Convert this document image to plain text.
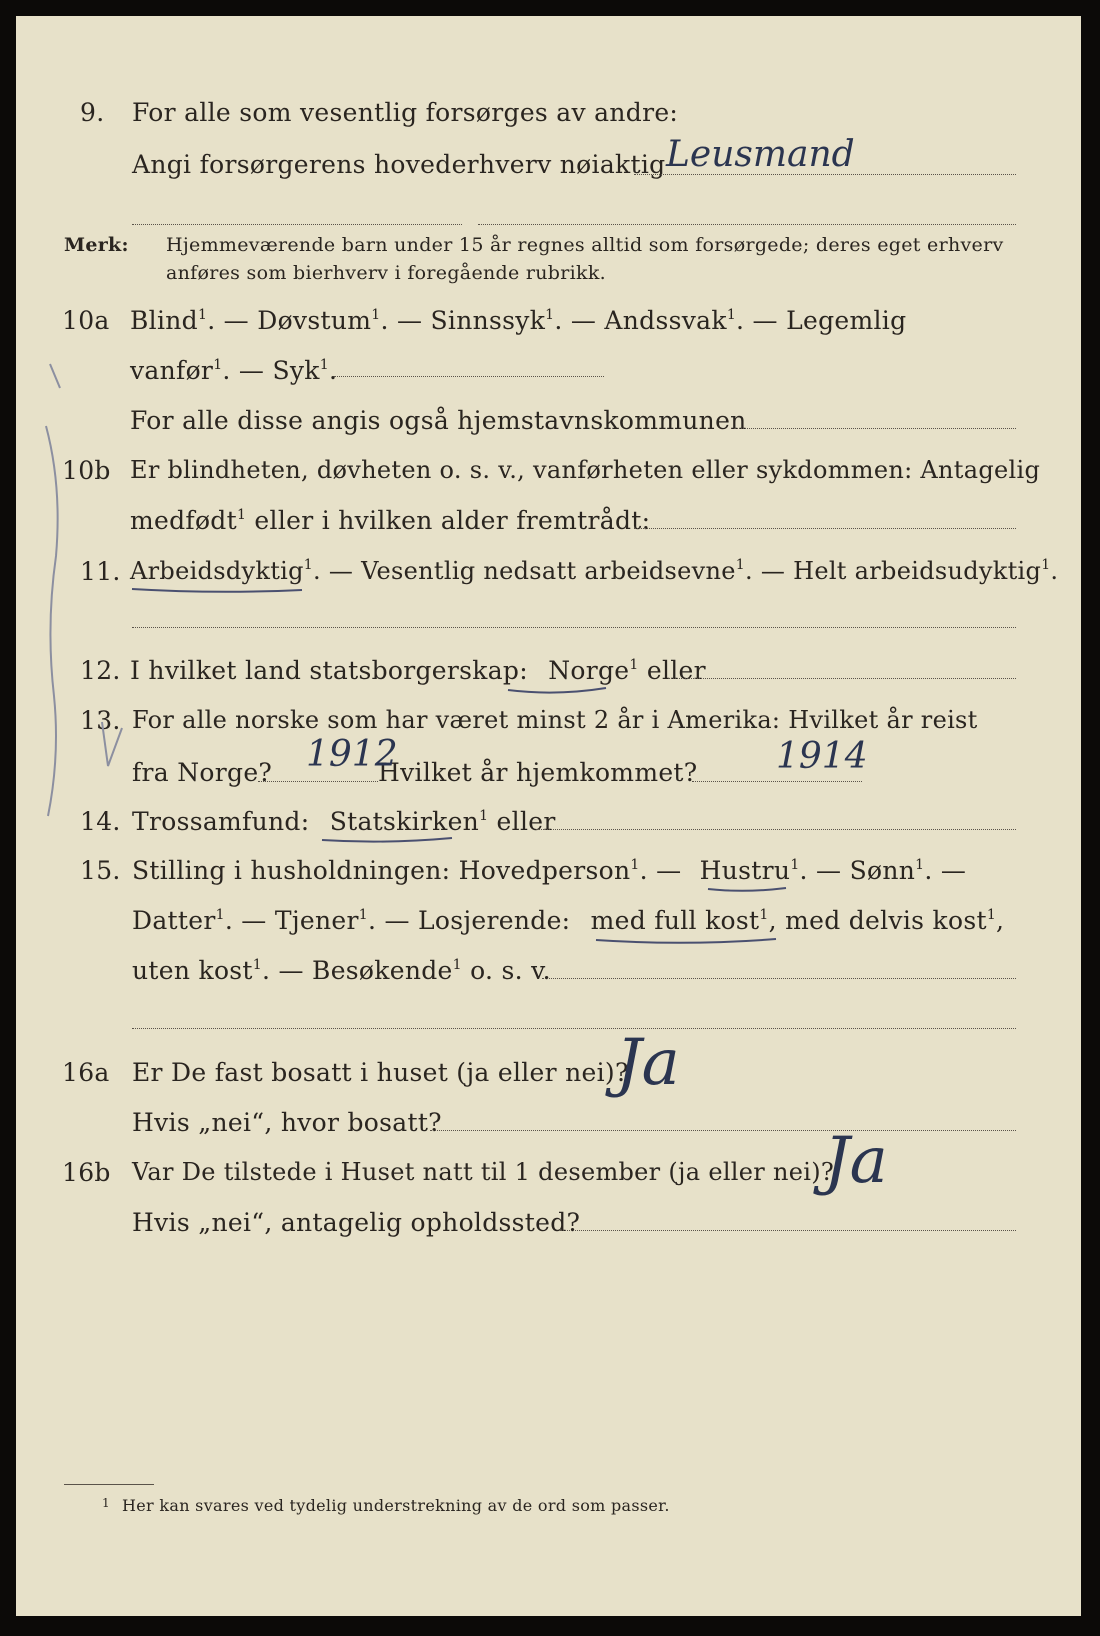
9.	For alle som vesentlig forsørges av andre:
Angi forsørgerens hovederhverv nøiaktig Leusmand
Merk: Hjemmeværende barn under 15 år regnes alltid som forsørgede; deres eget erhverv
anføres som bierhverv i foregående rubrikk.
10a Blind$^1$. — Døvstum$^1$. — Sinnssyk$^1$. — Andssvak$^1$. — Legemlig
vanfør$^1$. — Syk$^1$.
For alle disse angis også hjemstavnskommunen
10b Er blindheten, døvheten o. s. v., vanførheten eller sykdommen: Antagelig
medfødt$^1$ eller i hvilken alder fremtrådt:
11. Arbeidsdyktig$^1$. — Vesentlig nedsatt arbeidsevne$^1$. — Helt arbeidsudyktig$^1$.
12. I hvilket land statsborgerskap: Norge$^1$ eller
13. For alle norske som har været minst 2 år i Amerika: Hvilket år reist
fra Norge?	Hvilket år hjemkommet?
1912	1914
14. Trossamfund: Statskirken$^1$ eller
15. Stilling i husholdningen: Hovedperson$^1$. — Hustru$^1$. — Sønn$^1$. —
Datter$^1$. — Tjener$^1$. — Losjerende: med full kost$^1$, med delvis kost$^1$,
uten kost$^1$. — Besøkende$^1$ o. s. v.
16a Er De fast bosatt i huset (ja eller nei)?
Hvis „nei“, hvor bosatt?
Ja
16b Var De tilstede i Huset natt til 1 desember (ja eller nei)?
Hvis „nei“, antagelig opholdssted?
Ja
1 Her kan svares ved tydelig understrekning av de ord som passer.
